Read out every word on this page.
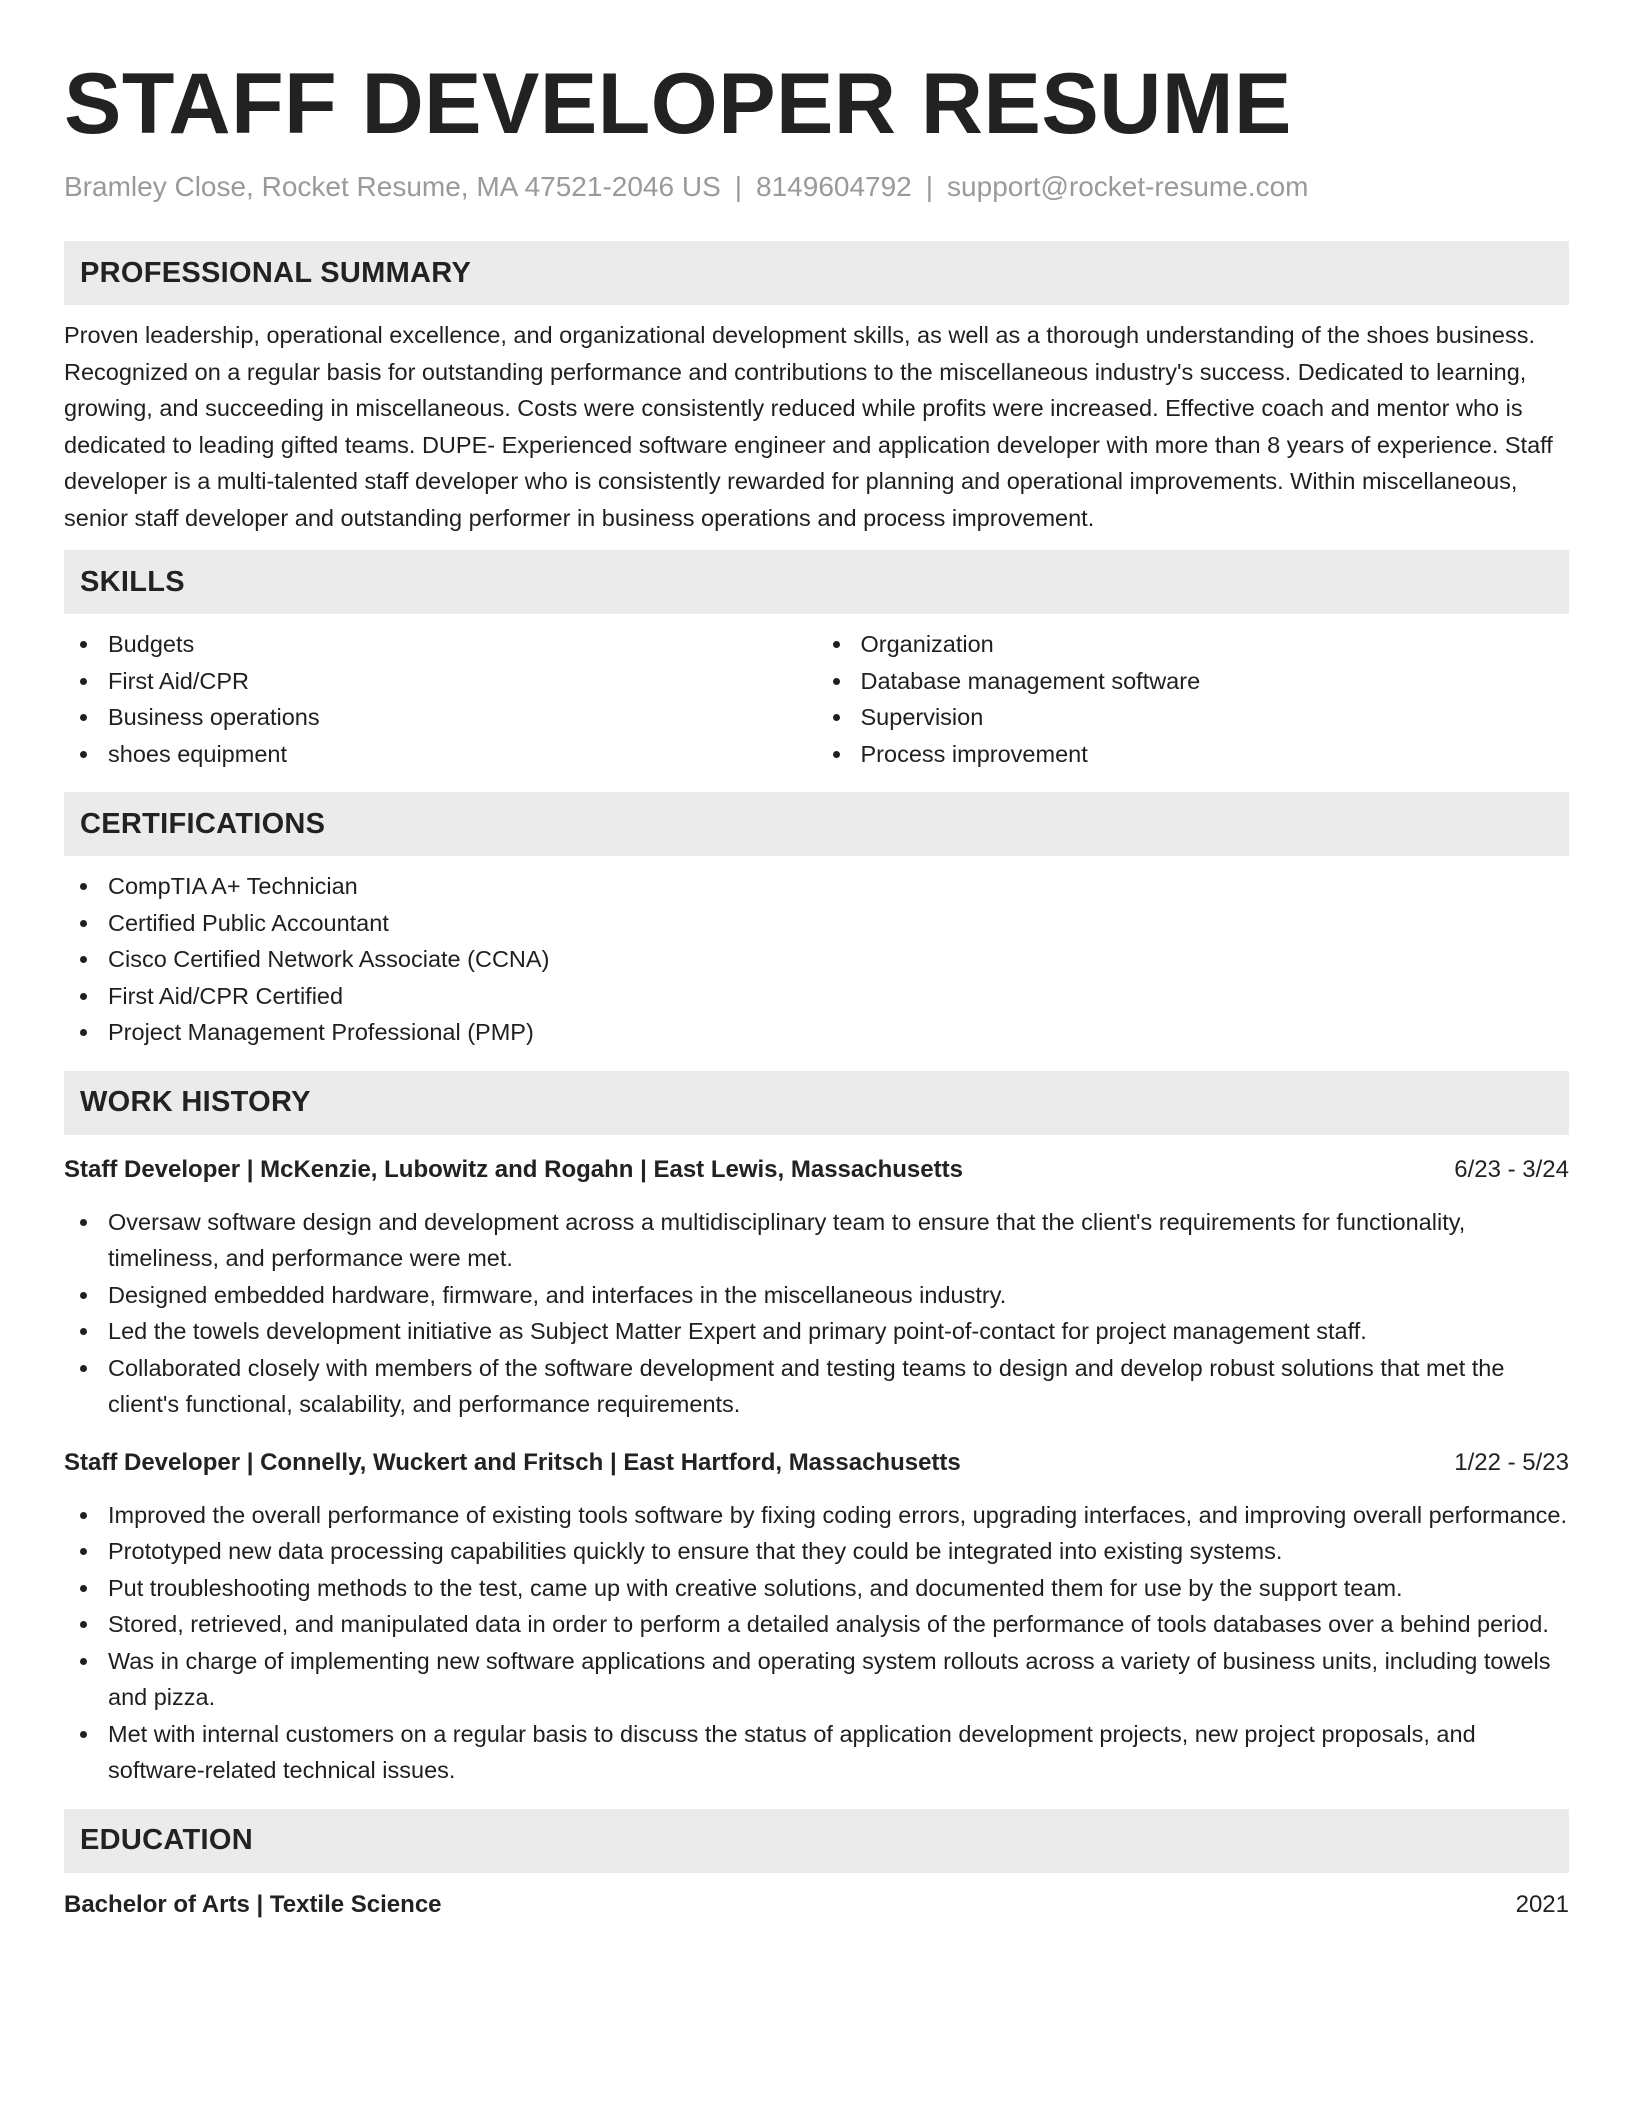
STAFF DEVELOPER RESUME
Bramley Close, Rocket Resume, MA 47521-2046 US | 8149604792 | support@rocket-resume.com
PROFESSIONAL SUMMARY

Proven leadership, operational excellence, and organizational development skills, as well as a thorough understanding of the shoes business. Recognized on a regular basis for outstanding performance and contributions to the miscellaneous industry's success. Dedicated to learning, growing, and succeeding in miscellaneous. Costs were consistently reduced while profits were increased. Effective coach and mentor who is dedicated to leading gifted teams. DUPE- Experienced software engineer and application developer with more than 8 years of experience. Staff developer is a multi-talented staff developer who is consistently rewarded for planning and operational improvements. Within miscellaneous, senior staff developer and outstanding performer in business operations and process improvement.

SKILLS
Budgets
First Aid/CPR
Business operations
shoes equipment
Organization
Database management software
Supervision
Process improvement
CERTIFICATIONS
CompTIA A+ Technician
Certified Public Accountant
Cisco Certified Network Associate (CCNA)
First Aid/CPR Certified
Project Management Professional (PMP)
WORK HISTORY
Staff Developer | McKenzie, Lubowitz and Rogahn | East Lewis, Massachusetts	6/23 - 3/24
Oversaw software design and development across a multidisciplinary team to ensure that the client's requirements for functionality, timeliness, and performance were met.
Designed embedded hardware, firmware, and interfaces in the miscellaneous industry.
Led the towels development initiative as Subject Matter Expert and primary point-of-contact for project management staff.
Collaborated closely with members of the software development and testing teams to design and develop robust solutions that met the client's functional, scalability, and performance requirements.
Staff Developer | Connelly, Wuckert and Fritsch | East Hartford, Massachusetts	1/22 - 5/23
Improved the overall performance of existing tools software by fixing coding errors, upgrading interfaces, and improving overall performance.
Prototyped new data processing capabilities quickly to ensure that they could be integrated into existing systems.
Put troubleshooting methods to the test, came up with creative solutions, and documented them for use by the support team.
Stored, retrieved, and manipulated data in order to perform a detailed analysis of the performance of tools databases over a behind period.
Was in charge of implementing new software applications and operating system rollouts across a variety of business units, including towels and pizza.
Met with internal customers on a regular basis to discuss the status of application development projects, new project proposals, and software-related technical issues.
EDUCATION
Bachelor of Arts | Textile Science	2021
